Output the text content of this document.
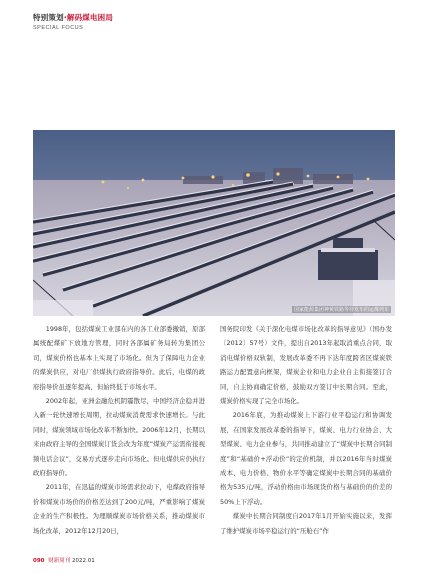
特别策划·解码煤电困局
SPECIAL FOCUS
国家能源集团神黄铁路等待发车的运煤列车

1998年，包括煤炭工业部在内的各工业部委撤销，原部属统配煤矿下放地方管理，同时各部属矿务局转为集团公司，煤炭价格也基本上实现了市场化。但为了保障电力企业的煤炭供应，对电厂供煤执行政府指导价。此后，电煤的政府指导价虽逐年提高，但始终低于市场水平。

2002年起，亚洲金融危机阴霾散尽，中国经济企稳并进入新一轮快速增长周期，拉动煤炭消费需求快速增长。与此同时，煤炭领域市场化改革不断加快。2006年12月，长期以来由政府主导的全国煤炭订货会改为年度“煤炭产运需衔接视频电话会议”，交易方式逐步走向市场化。但电煤供应仍执行政府指导价。

2011年，在迅猛的煤炭市场需求拉动下，电煤政府指导价和煤炭市场价的价格差达到了200元/吨，严重影响了煤炭企业的生产积极性。为理顺煤炭市场价格关系，推动煤炭市场化改革，2012年12月20日，

国务院印发《关于深化电煤市场化改革的指导意见》（国办发〔2012〕57号）文件，提出自2013年起取消重点合同，取消电煤价格双轨制，发展改革委不再下达年度跨省区煤炭铁路运力配置意向框架，煤炭企业和电力企业自主衔接签订合同，自主协商确定价格，鼓励双方签订中长期合同。至此，煤炭价格实现了完全市场化。

2016年底，为推动煤炭上下游行业平稳运行和协调发展，在国家发展改革委的指导下，煤炭、电力行业协会、大型煤炭、电力企业参与，共同推动建立了“煤炭中长期合同制度”和“基础价+浮动价”的定价机制，并以2016年当时煤炭成本、电力价格、物价水平等确定煤炭中长期合同的基础价格为535元/吨，浮动价格由市场现货价格与基础价的价差的50%上下浮动。

煤炭中长期合同制度自2017年1月开始实施以来，发挥了维护煤炭市场平稳运行的“压舱石”作

090 财新周刊 2022.01
